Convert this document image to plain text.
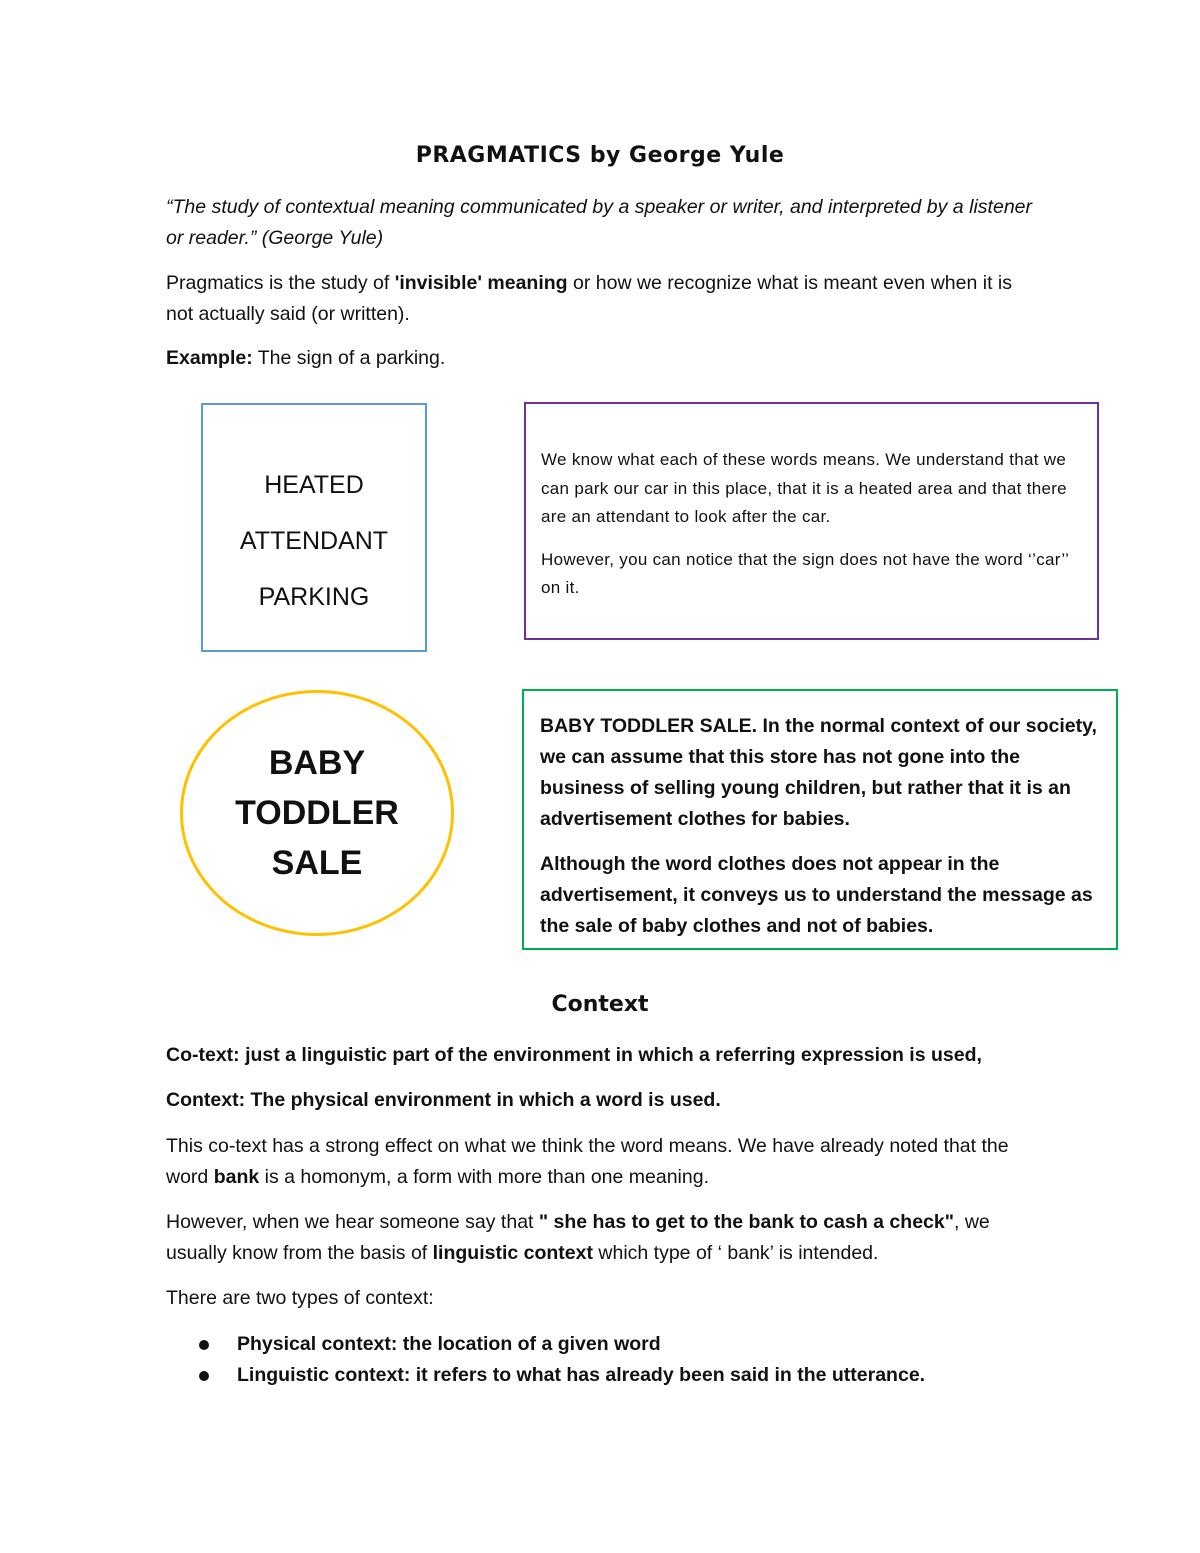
PRAGMATICS by George Yule
“The study of contextual meaning communicated by a speaker or writer, and interpreted by a listener or reader.” (George Yule)
Pragmatics is the study of 'invisible' meaning or how we recognize what is meant even when it is not actually said (or written).
Example: The sign of a parking.
HEATED
ATTENDANT
PARKING

We know what each of these words means. We understand that we can park our car in this place, that it is a heated area and that there are an attendant to look after the car.

However, you can notice that the sign does not have the word ‘’car’’ on it.

BABY
TODDLER
SALE

BABY TODDLER SALE. In the normal context of our society, we can assume that this store has not gone into the business of selling young children, but rather that it is an advertisement clothes for babies.

Although the word clothes does not appear in the advertisement, it conveys us to understand the message as the sale of baby clothes and not of babies.

Context
Co-text: just a linguistic part of the environment in which a referring expression is used,
Context: The physical environment in which a word is used.
This co-text has a strong effect on what we think the word means. We have already noted that the word bank is a homonym, a form with more than one meaning.
However, when we hear someone say that " she has to get to the bank to cash a check", we usually know from the basis of linguistic context which type of ‘ bank’ is intended.
There are two types of context:
Physical context: the location of a given word
Linguistic context: it refers to what has already been said in the utterance.
